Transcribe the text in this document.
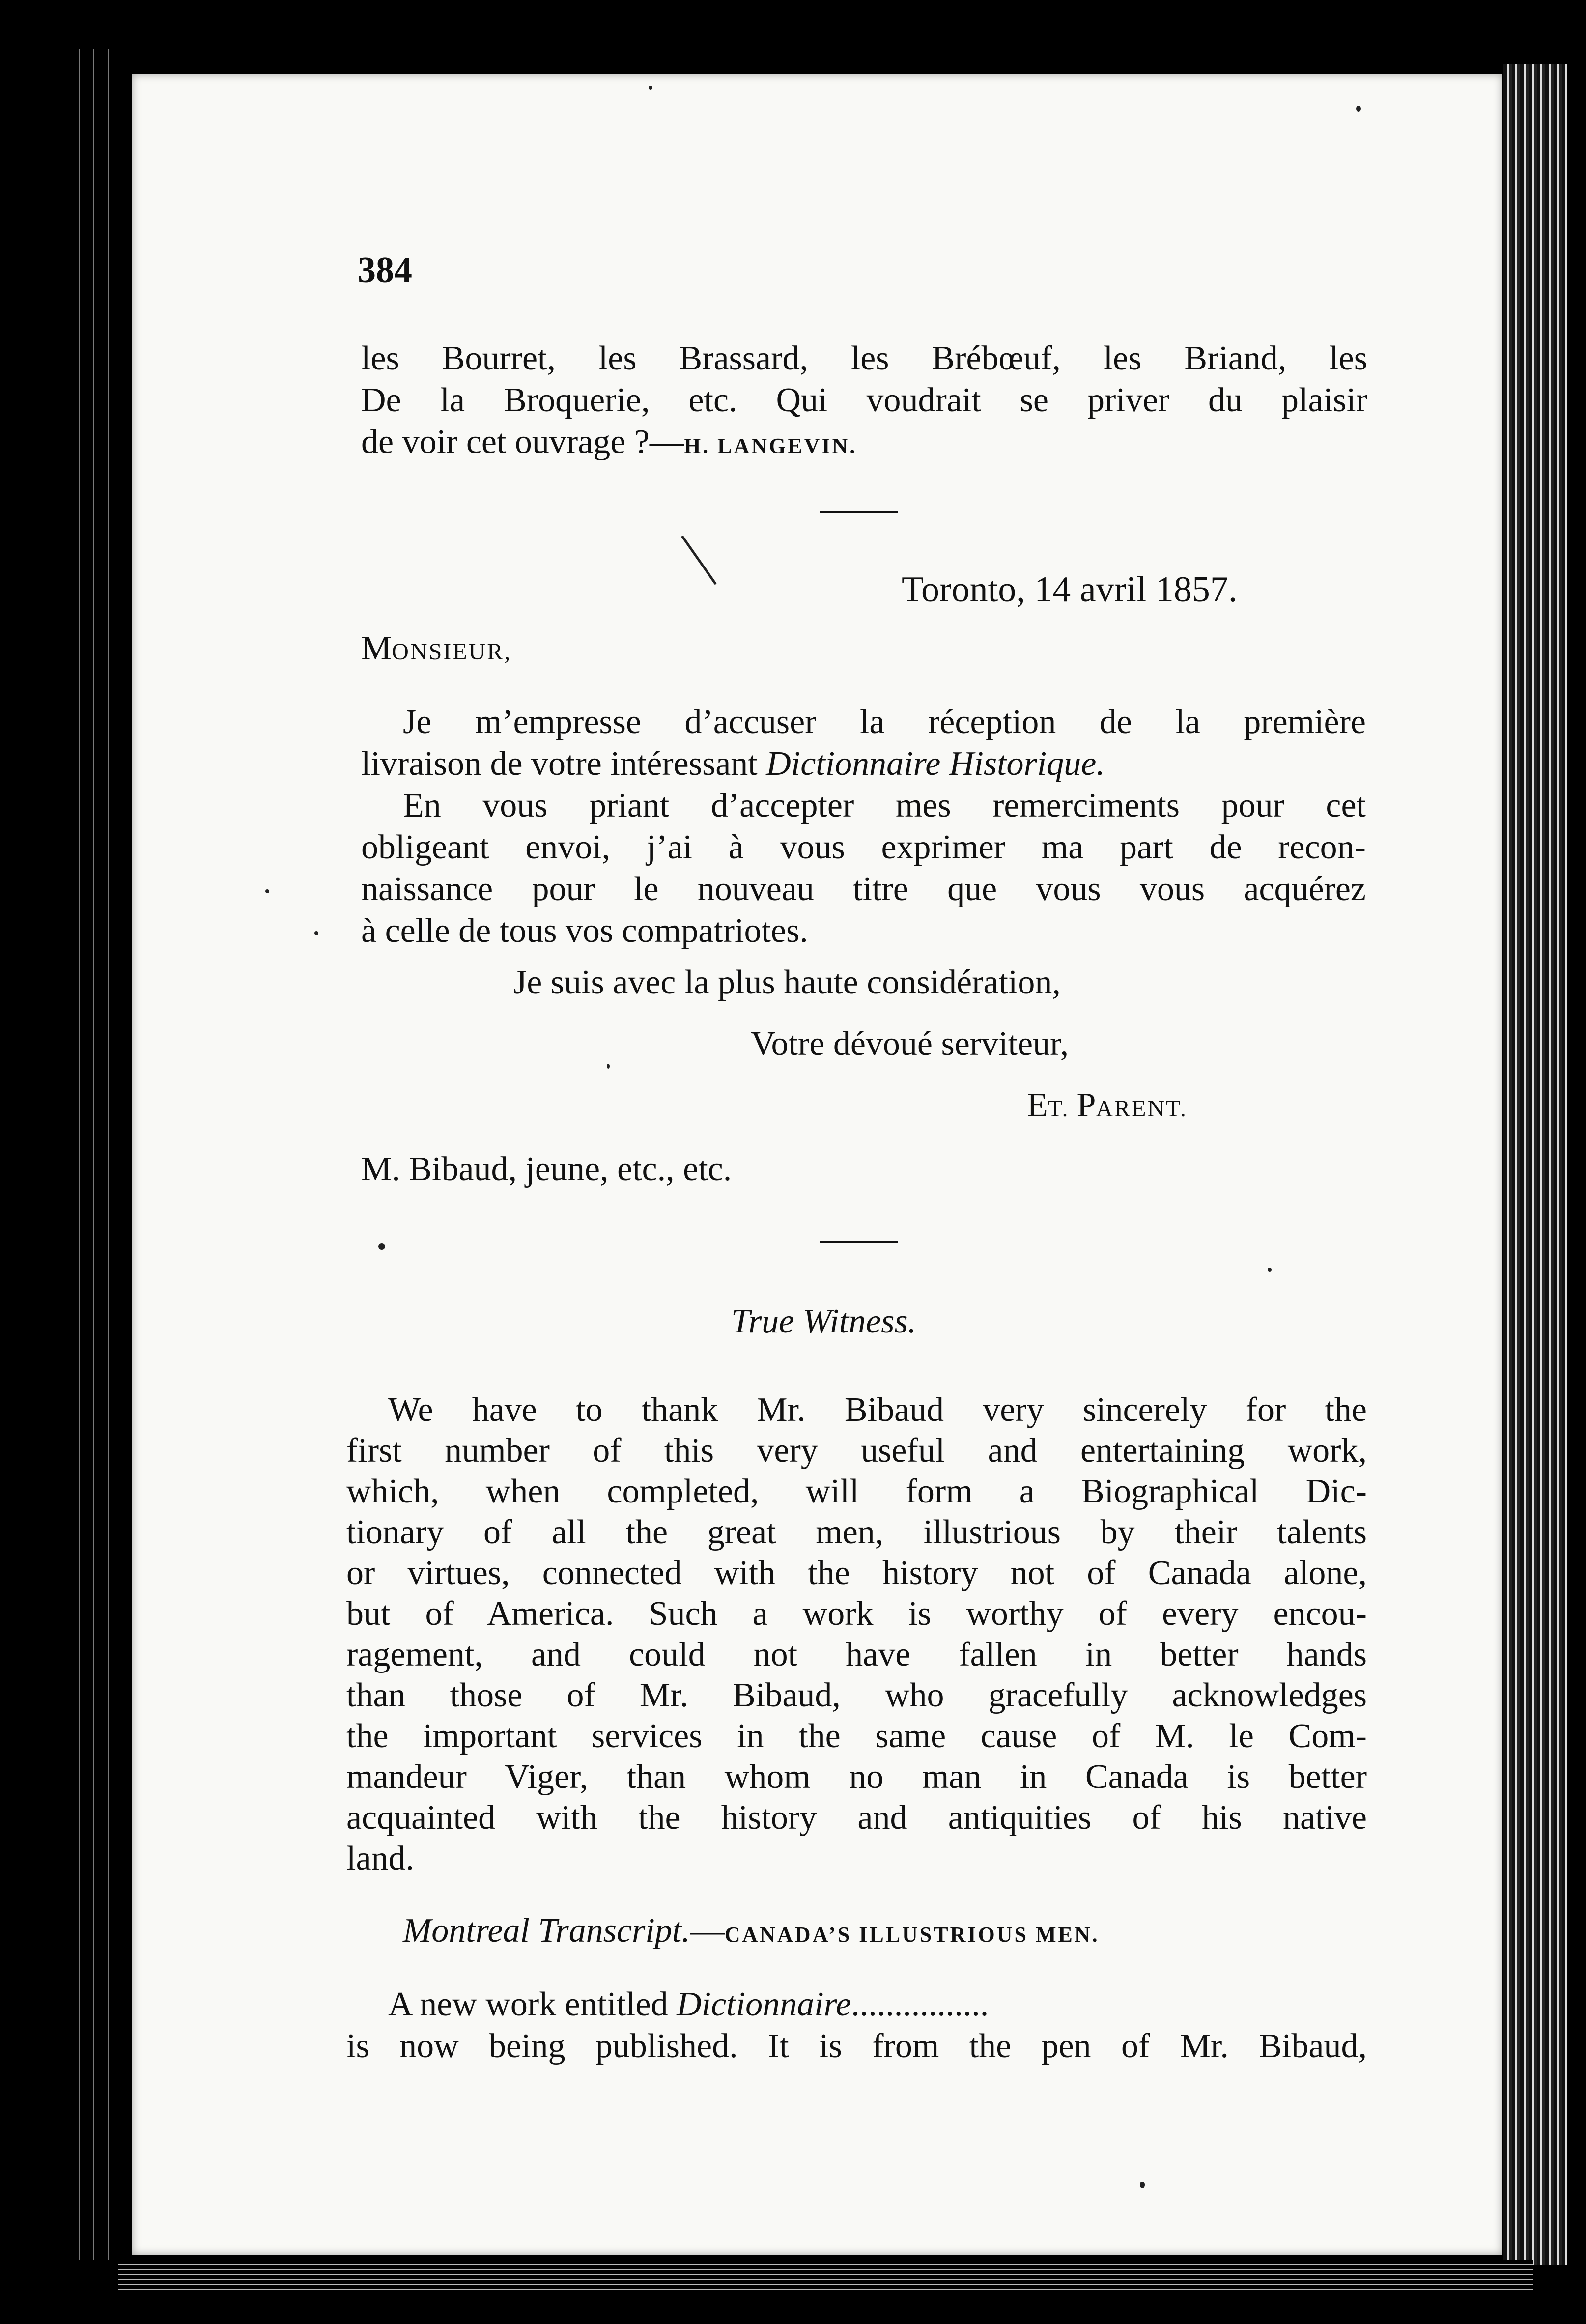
384
les Bourret, les Brassard, les Brébœuf, les Briand, les
De la Broquerie, etc. Qui voudrait se priver du plaisir
de voir cet ouvrage ?—H. LANGEVIN.
Toronto, 14 avril 1857.
MONSIEUR,
Je m’empresse d’accuser la réception de la première
livraison de votre intéressant Dictionnaire Historique.
En vous priant d’accepter mes remerciments pour cet
obligeant envoi, j’ai à vous exprimer ma part de recon-
naissance pour le nouveau titre que vous vous acquérez
à celle de tous vos compatriotes.
Je suis avec la plus haute considération,
Votre dévoué serviteur,
ET. PARENT.
M. Bibaud, jeune, etc., etc.
True Witness.
We have to thank Mr. Bibaud very sincerely for the
first number of this very useful and entertaining work,
which, when completed, will form a Biographical Dic-
tionary of all the great men, illustrious by their talents
or virtues, connected with the history not of Canada alone,
but of America. Such a work is worthy of every encou-
ragement, and could not have fallen in better hands
than those of Mr. Bibaud, who gracefully acknowledges
the important services in the same cause of M. le Com-
mandeur Viger, than whom no man in Canada is better
acquainted with the history and antiquities of his native
land.
Montreal Transcript.—CANADA’S ILLUSTRIOUS MEN.
A new work entitled Dictionnaire................
is now being published. It is from the pen of Mr. Bibaud,
